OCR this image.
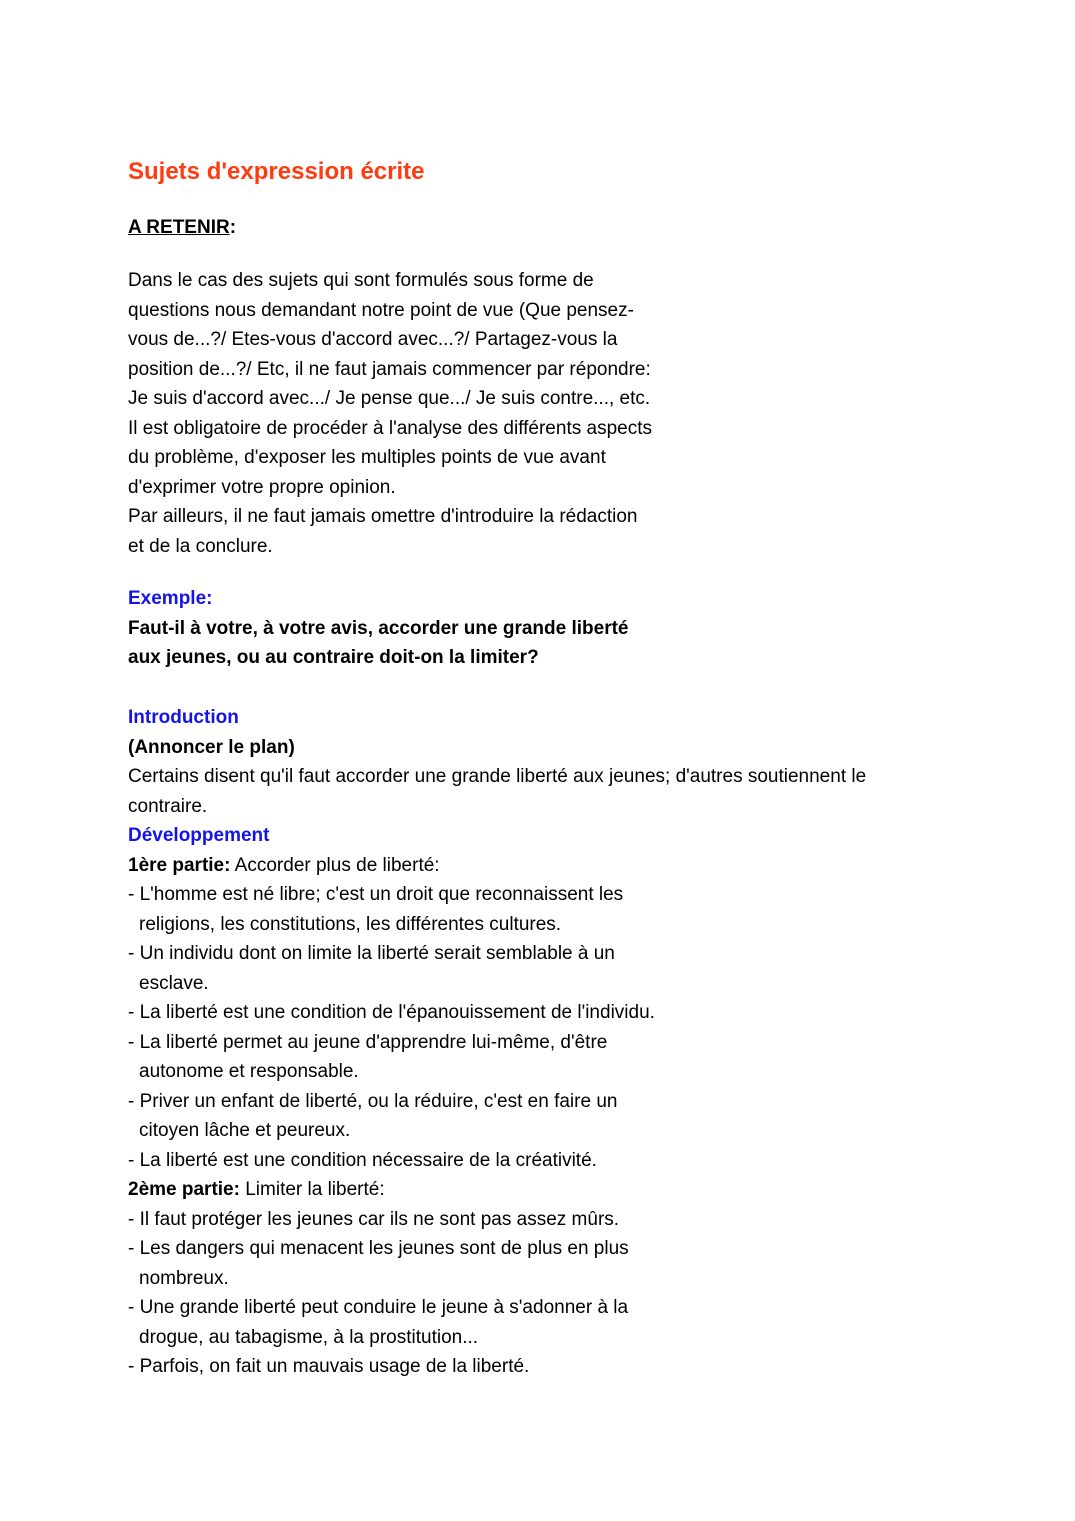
Sujets d'expression écrite
A RETENIR:
Dans le cas des sujets qui sont formulés sous forme de
questions nous demandant notre point de vue (Que pensez-
vous de...?/ Etes-vous d'accord avec...?/ Partagez-vous la
position de...?/ Etc, il ne faut jamais commencer par répondre:
Je suis d'accord avec.../ Je pense que.../ Je suis contre..., etc.
Il est obligatoire de procéder à l'analyse des différents aspects
du problème, d'exposer les multiples points de vue avant
d'exprimer votre propre opinion.
Par ailleurs, il ne faut jamais omettre d'introduire la rédaction
et de la conclure.
Exemple:
Faut-il à votre, à votre avis, accorder une grande liberté
aux jeunes, ou au contraire doit-on la limiter?
Introduction
(Annoncer le plan)
Certains disent qu'il faut accorder une grande liberté aux jeunes; d'autres soutiennent le
contraire.
Développement
1ère partie: Accorder plus de liberté:
- L'homme est né libre; c'est un droit que reconnaissent les
religions, les constitutions, les différentes cultures.
- Un individu dont on limite la liberté serait semblable à un
esclave.
- La liberté est une condition de l'épanouissement de l'individu.
- La liberté permet au jeune d'apprendre lui-même, d'être
autonome et responsable.
- Priver un enfant de liberté, ou la réduire, c'est en faire un
citoyen lâche et peureux.
- La liberté est une condition nécessaire de la créativité.
2ème partie: Limiter la liberté:
- Il faut protéger les jeunes car ils ne sont pas assez mûrs.
- Les dangers qui menacent les jeunes sont de plus en plus
nombreux.
- Une grande liberté peut conduire le jeune à s'adonner à la
drogue, au tabagisme, à la prostitution...
- Parfois, on fait un mauvais usage de la liberté.
